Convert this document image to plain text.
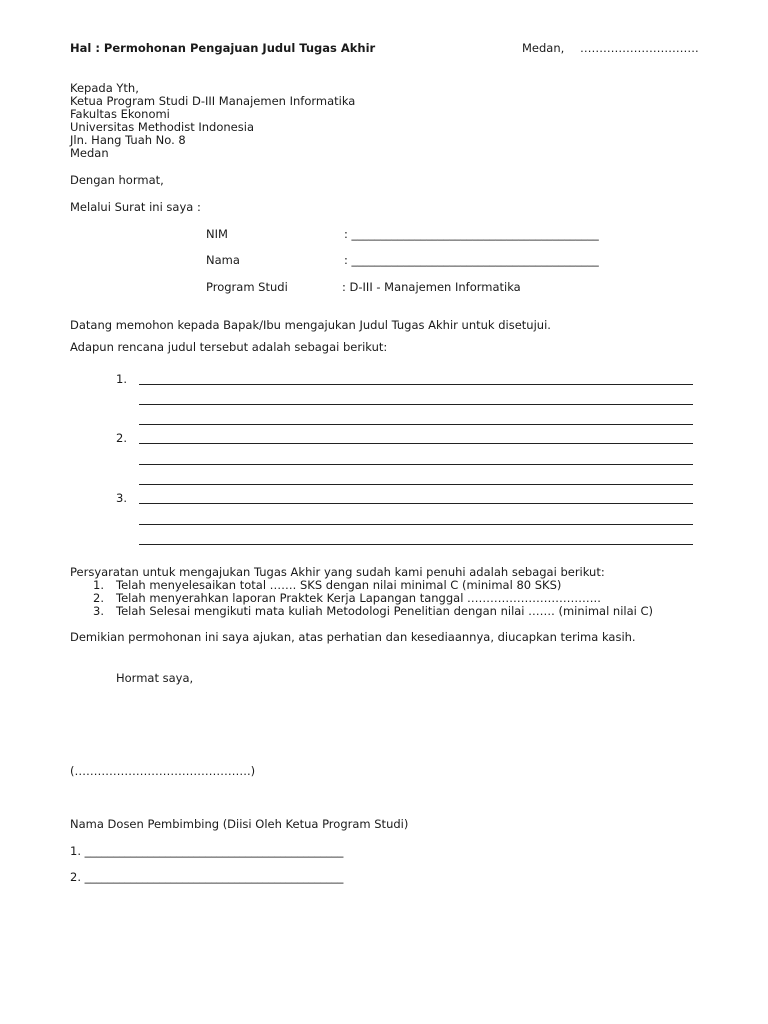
Hal : Permohonan Pengajuan Judul Tugas Akhir	Medan, ………………………….
Kepada Yth,
Ketua Program Studi D-III Manajemen Informatika
Fakultas Ekonomi
Universitas Methodist Indonesia
Jln. Hang Tuah No. 8
Medan
Dengan hormat,
Melalui Surat ini saya :
NIM	: ___________________________________________
Nama	: ___________________________________________
Program Studi	: D-III - Manajemen Informatika
Datang memohon kepada Bapak/Ibu mengajukan Judul Tugas Akhir untuk disetujui.
Adapun rencana judul tersebut adalah sebagai berikut:
1.
2.
3.
Persyaratan untuk mengajukan Tugas Akhir yang sudah kami penuhi adalah sebagai berikut:
1. Telah menyelesaikan total ……. SKS dengan nilai minimal C (minimal 80 SKS)
2. Telah menyerahkan laporan Praktek Kerja Lapangan tanggal ……………………………..
3. Telah Selesai mengikuti mata kuliah Metodologi Penelitian dengan nilai ……. (minimal nilai C)
Demikian permohonan ini saya ajukan, atas perhatian dan kesediaannya, diucapkan terima kasih.
Hormat saya,
(……………………………………….)
Nama Dosen Pembimbing (Diisi Oleh Ketua Program Studi)
1. _____________________________________________
2. _____________________________________________
